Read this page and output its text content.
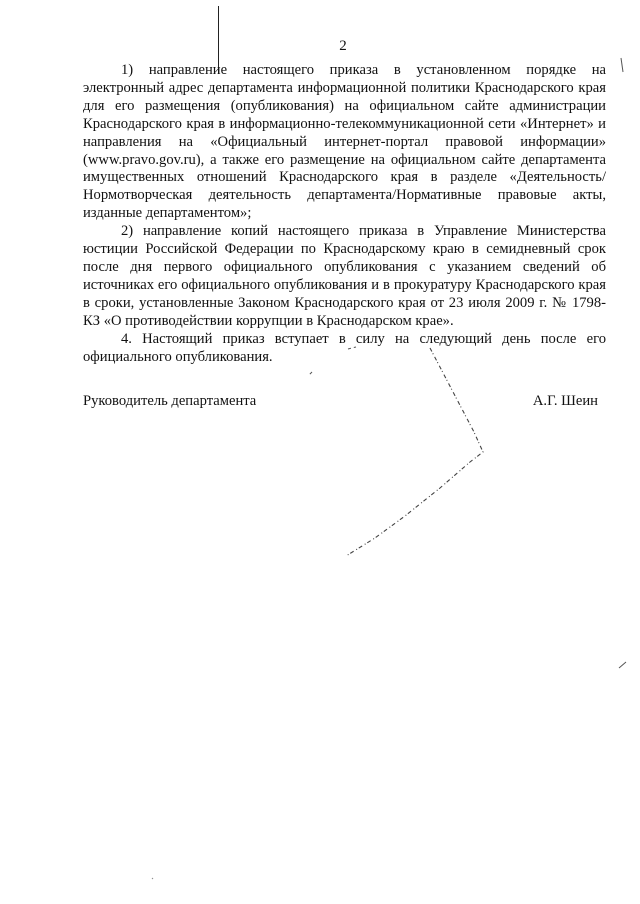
2

1) направление настоящего приказа в установленном порядке на электронный адрес департамента информационной политики Краснодарского края для его размещения (опубликования) на официальном сайте администрации Краснодарского края в информационно-телекоммуникационной сети «Интернет» и направления на «Официальный интернет-портал правовой информации» (www.pravo.gov.ru), а также его размещение на официальном сайте департамента имущественных отношений Краснодарского края в разделе «Деятельность/Нормотворческая деятельность департамента/Нормативные правовые акты, изданные департаментом»;

2) направление копий настоящего приказа в Управление Министерства юстиции Российской Федерации по Краснодарскому краю в семидневный срок после дня первого официального опубликования с указанием сведений об источниках его официального опубликования и в прокуратуру Краснодарского края в сроки, установленные Законом Краснодарского края от 23 июля 2009 г. № 1798-КЗ «О противодействии коррупции в Краснодарском крае».

4. Настоящий приказ вступает в силу на следующий день после его официального опубликования.

Руководитель департамента	А.Г. Шеин
